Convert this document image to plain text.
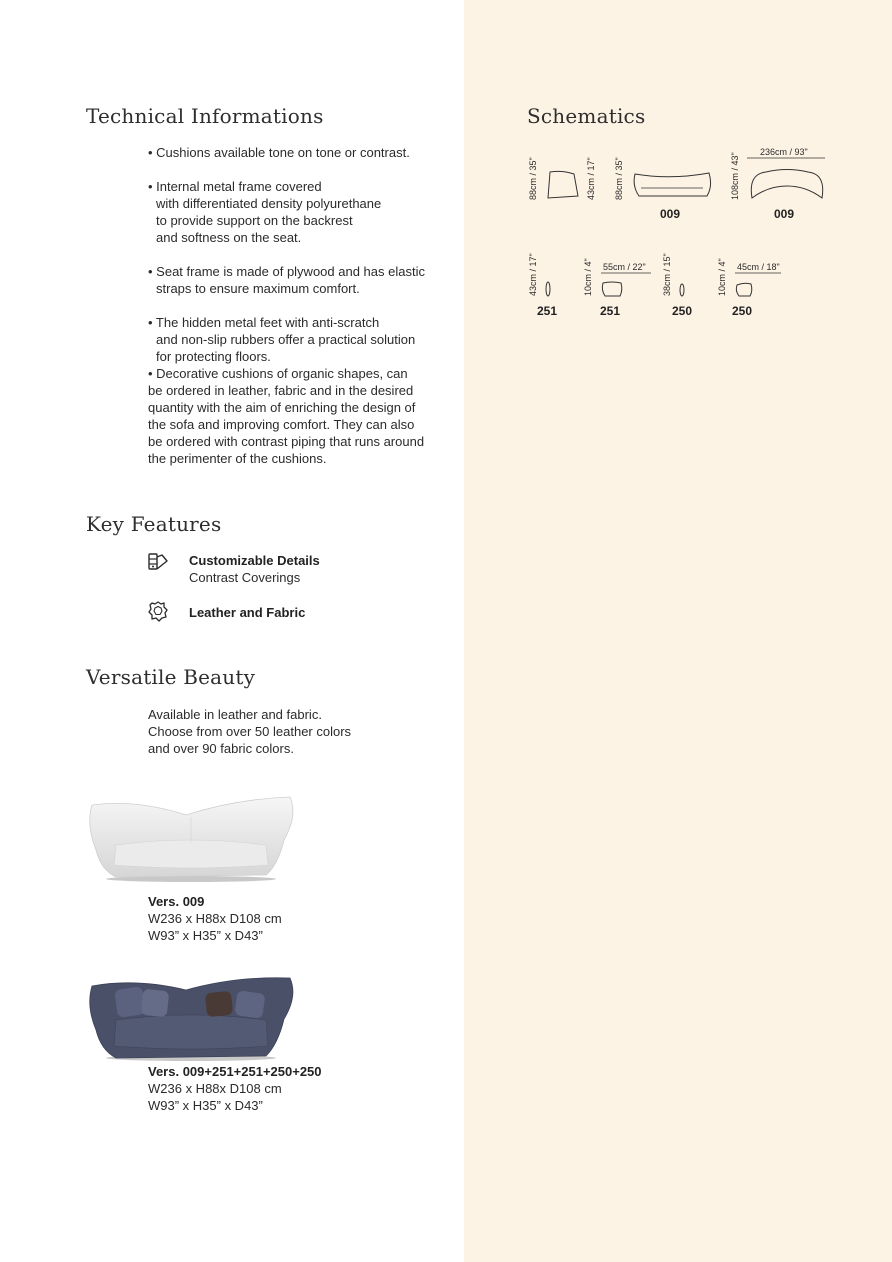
Technical Informations

• Cushions available tone on tone or contrast.

• Internal metal frame covered
with differentiated density polyurethane
to provide support on the backrest
and softness on the seat.

• Seat frame is made of plywood and has elastic
straps to ensure maximum comfort.

• The hidden metal feet with anti-scratch
and non-slip rubbers offer a practical solution
for protecting floors.

• Decorative cushions of organic shapes, can
be ordered in leather, fabric and in the desired
quantity with the aim of enriching the design of
the sofa and improving comfort. They can also
be ordered with contrast piping that runs around
the perimenter of the cushions.

Key Features
Customizable Details
Contrast Coverings
Leather and Fabric
Versatile Beauty
Available in leather and fabric.
Choose from over 50 leather colors
and over 90 fabric colors.
Vers. 009
W236 x H88x D108 cm
W93” x H35” x D43”
Vers. 009+251+251+250+250
W236 x H88x D108 cm
W93” x H35” x D43”
Schematics
88cm / 35"	43cm / 17" 88cm / 35"
009
236cm / 93"
108cm / 43"
009
43cm / 17"
251
10cm / 4" 55cm / 22"
251
38cm / 15"
250
10cm / 4" 45cm / 18"
250
